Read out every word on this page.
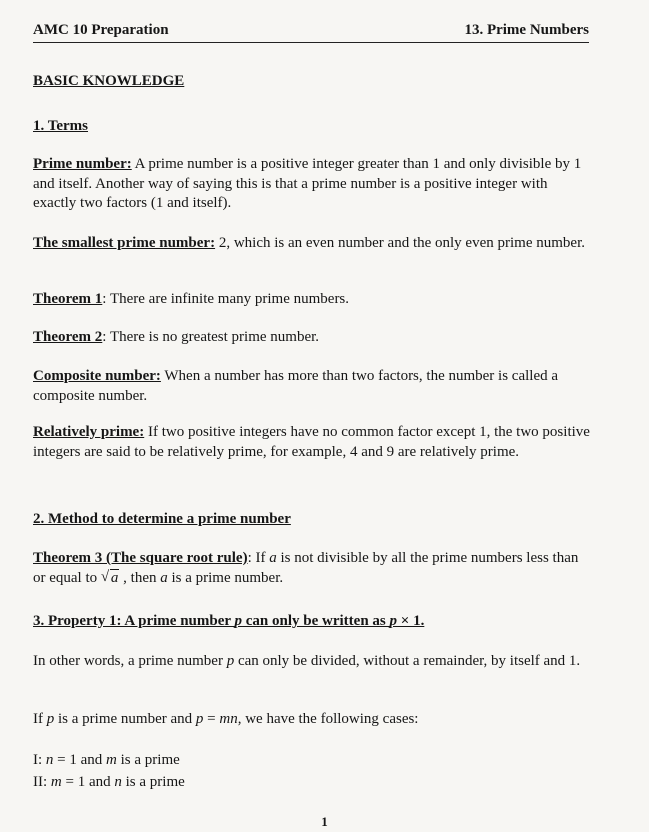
AMC 10 Preparation	13. Prime Numbers
BASIC KNOWLEDGE
1. Terms
Prime number: A prime number is a positive integer greater than 1 and only divisible by 1 and itself. Another way of saying this is that a prime number is a positive integer with exactly two factors (1 and itself).
The smallest prime number: 2, which is an even number and the only even prime number.
Theorem 1: There are infinite many prime numbers.
Theorem 2: There is no greatest prime number.
Composite number: When a number has more than two factors, the number is called a composite number.
Relatively prime: If two positive integers have no common factor except 1, the two positive integers are said to be relatively prime, for example, 4 and 9 are relatively prime.
2. Method to determine a prime number
Theorem 3 (The square root rule): If a is not divisible by all the prime numbers less than or equal to √ a , then a is a prime number.
3. Property 1: A prime number p can only be written as p × 1.
In other words, a prime number p can only be divided, without a remainder, by itself and 1.
If p is a prime number and p = mn, we have the following cases:
I: n = 1 and m is a prime
II: m = 1 and n is a prime
1
